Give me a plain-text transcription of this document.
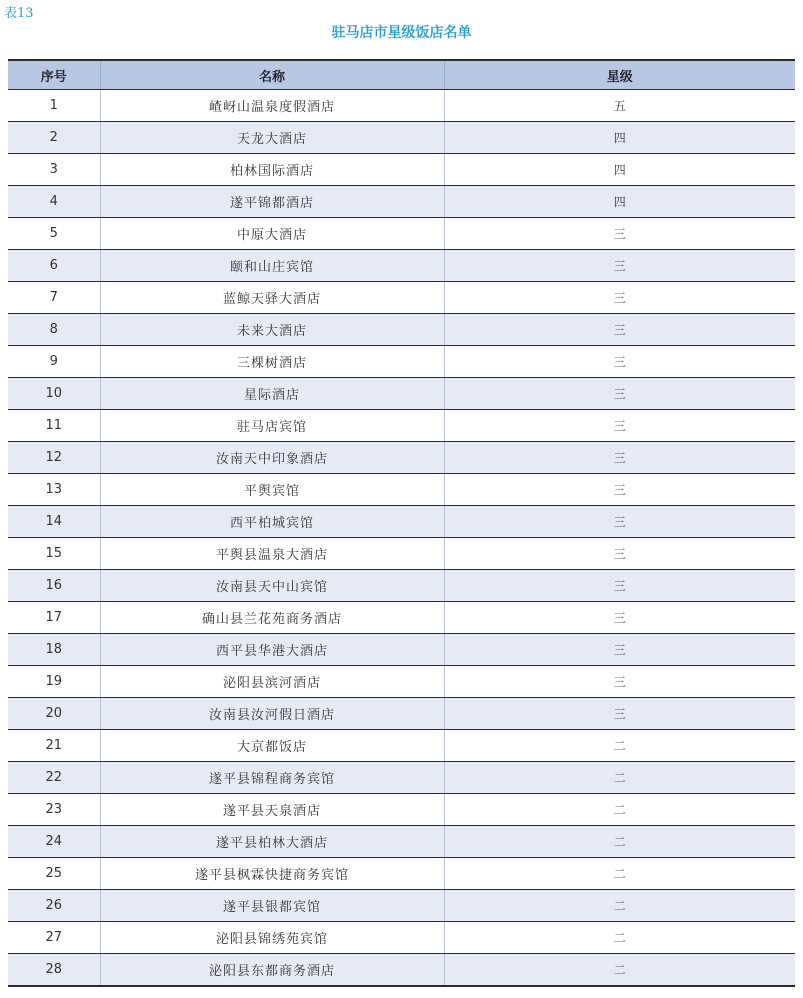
表13
驻马店市星级饭店名单
序号	名称	星级
1	嵖岈山温泉度假酒店	五
2	天龙大酒店	四
3	柏林国际酒店	四
4	遂平锦都酒店	四
5	中原大酒店	三
6	颐和山庄宾馆	三
7	蓝鲸天驿大酒店	三
8	未来大酒店	三
9	三棵树酒店	三
10	星际酒店	三
11	驻马店宾馆	三
12	汝南天中印象酒店	三
13	平舆宾馆	三
14	西平柏城宾馆	三
15	平舆县温泉大酒店	三
16	汝南县天中山宾馆	三
17	确山县兰花苑商务酒店	三
18	西平县华港大酒店	三
19	泌阳县滨河酒店	三
20	汝南县汝河假日酒店	三
21	大京都饭店	二
22	遂平县锦程商务宾馆	二
23	遂平县天泉酒店	二
24	遂平县柏林大酒店	二
25	遂平县枫霖快捷商务宾馆	二
26	遂平县银都宾馆	二
27	泌阳县锦绣苑宾馆	二
28	泌阳县东都商务酒店	二
